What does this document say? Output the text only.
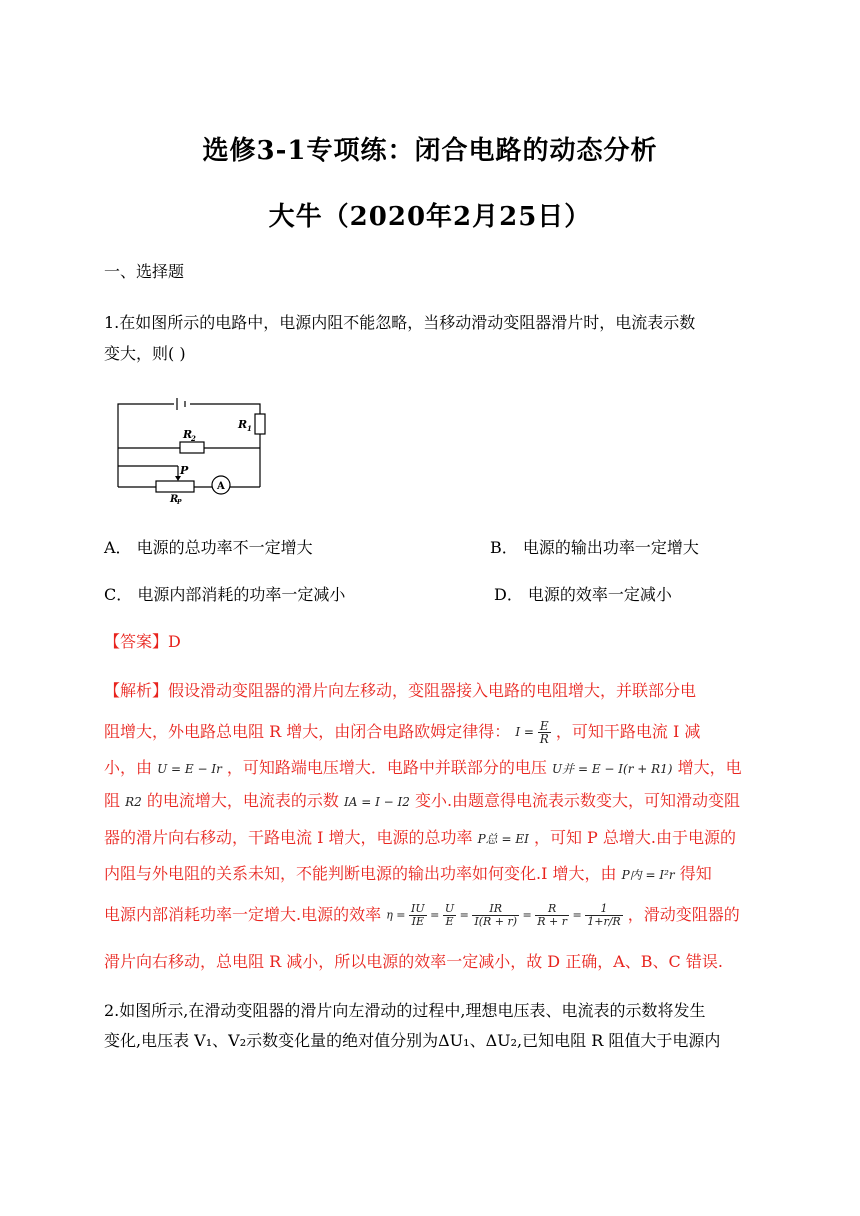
选修3-1专项练：闭合电路的动态分析
大牛（2020年2月25日）
一、选择题
1.在如图所示的电路中，电源内阻不能忽略，当移动滑动变阻器滑片时，电流表示数
变大，则( )
R 1
R
2
P
R
P
A
A． 电源的总功率不一定增大	B． 电源的输出功率一定增大
C． 电源内部消耗的功率一定减小	D． 电源的效率一定减小
【答案】D
【解析】假设滑动变阻器的滑片向左移动，变阻器接入电路的电阻增大，并联部分电
阻增大，外电路总电阻 R 增大，由闭合电路欧姆定律得： $I = \frac{E}{R}$ ，可知干路电流 I 减
小，由 U = E − Ir ，可知路端电压增大．电路中并联部分的电压 U并 = E − I(r + R1) 增大，电
阻 R2 的电流增大，电流表的示数 IA = I − I2 变小.由题意得电流表示数变大，可知滑动变阻
器的滑片向右移动，干路电流 I 增大，电源的总功率 P总 = EI ，可知 P 总增大.由于电源的
内阻与外电阻的关系未知，不能判断电源的输出功率如何变化.I 增大，由 P内 = I²r 得知
电源内部消耗功率一定增大.电源的效率 $\eta = \frac{IU}{IE} = \frac{U}{E} = \frac{IR}{I(R + r)} = \frac{R}{R + r} = \frac{1}{1+r/R}$ ，滑动变阻器的
滑片向右移动，总电阻 R 减小，所以电源的效率一定减小，故 D 正确，A、B、C 错误.
2.如图所示,在滑动变阻器的滑片向左滑动的过程中,理想电压表、电流表的示数将发生
变化,电压表 V₁、V₂示数变化量的绝对值分别为ΔU₁、ΔU₂,已知电阻 R 阻值大于电源内
